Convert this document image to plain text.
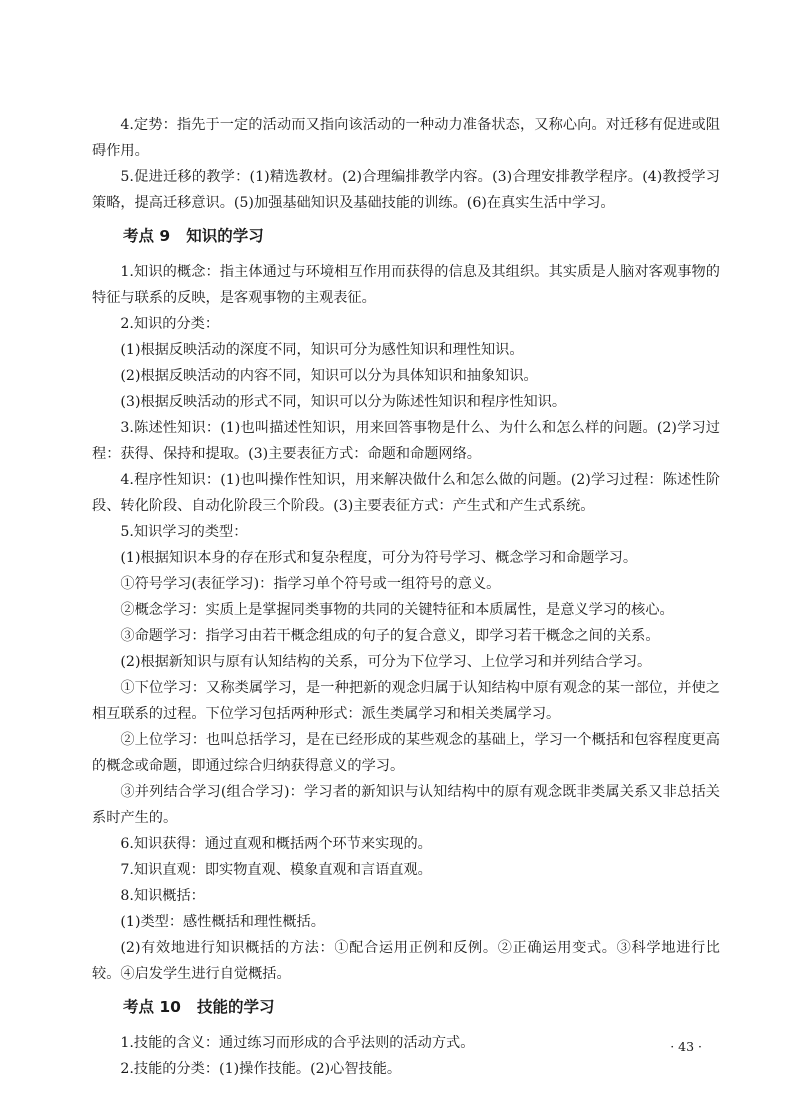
4.定势：指先于一定的活动而又指向该活动的一种动力准备状态，又称心向。对迁移有促进或阻碍作用。

5.促进迁移的教学：(1)精选教材。(2)合理编排教学内容。(3)合理安排教学程序。(4)教授学习策略，提高迁移意识。(5)加强基础知识及基础技能的训练。(6)在真实生活中学习。

考点 9 知识的学习

1.知识的概念：指主体通过与环境相互作用而获得的信息及其组织。其实质是人脑对客观事物的特征与联系的反映，是客观事物的主观表征。

2.知识的分类：

(1)根据反映活动的深度不同，知识可分为感性知识和理性知识。

(2)根据反映活动的内容不同，知识可以分为具体知识和抽象知识。

(3)根据反映活动的形式不同，知识可以分为陈述性知识和程序性知识。

3.陈述性知识：(1)也叫描述性知识，用来回答事物是什么、为什么和怎么样的问题。(2)学习过程：获得、保持和提取。(3)主要表征方式：命题和命题网络。

4.程序性知识：(1)也叫操作性知识，用来解决做什么和怎么做的问题。(2)学习过程：陈述性阶段、转化阶段、自动化阶段三个阶段。(3)主要表征方式：产生式和产生式系统。

5.知识学习的类型：

(1)根据知识本身的存在形式和复杂程度，可分为符号学习、概念学习和命题学习。

①符号学习(表征学习)：指学习单个符号或一组符号的意义。

②概念学习：实质上是掌握同类事物的共同的关键特征和本质属性，是意义学习的核心。

③命题学习：指学习由若干概念组成的句子的复合意义，即学习若干概念之间的关系。

(2)根据新知识与原有认知结构的关系，可分为下位学习、上位学习和并列结合学习。

①下位学习：又称类属学习，是一种把新的观念归属于认知结构中原有观念的某一部位，并使之相互联系的过程。下位学习包括两种形式：派生类属学习和相关类属学习。

②上位学习：也叫总括学习，是在已经形成的某些观念的基础上，学习一个概括和包容程度更高的概念或命题，即通过综合归纳获得意义的学习。

③并列结合学习(组合学习)：学习者的新知识与认知结构中的原有观念既非类属关系又非总括关系时产生的。

6.知识获得：通过直观和概括两个环节来实现的。

7.知识直观：即实物直观、模象直观和言语直观。

8.知识概括：

(1)类型：感性概括和理性概括。

(2)有效地进行知识概括的方法：①配合运用正例和反例。②正确运用变式。③科学地进行比较。④启发学生进行自觉概括。

考点 10 技能的学习

1.技能的含义：通过练习而形成的合乎法则的活动方式。

2.技能的分类：(1)操作技能。(2)心智技能。

· 43 ·
